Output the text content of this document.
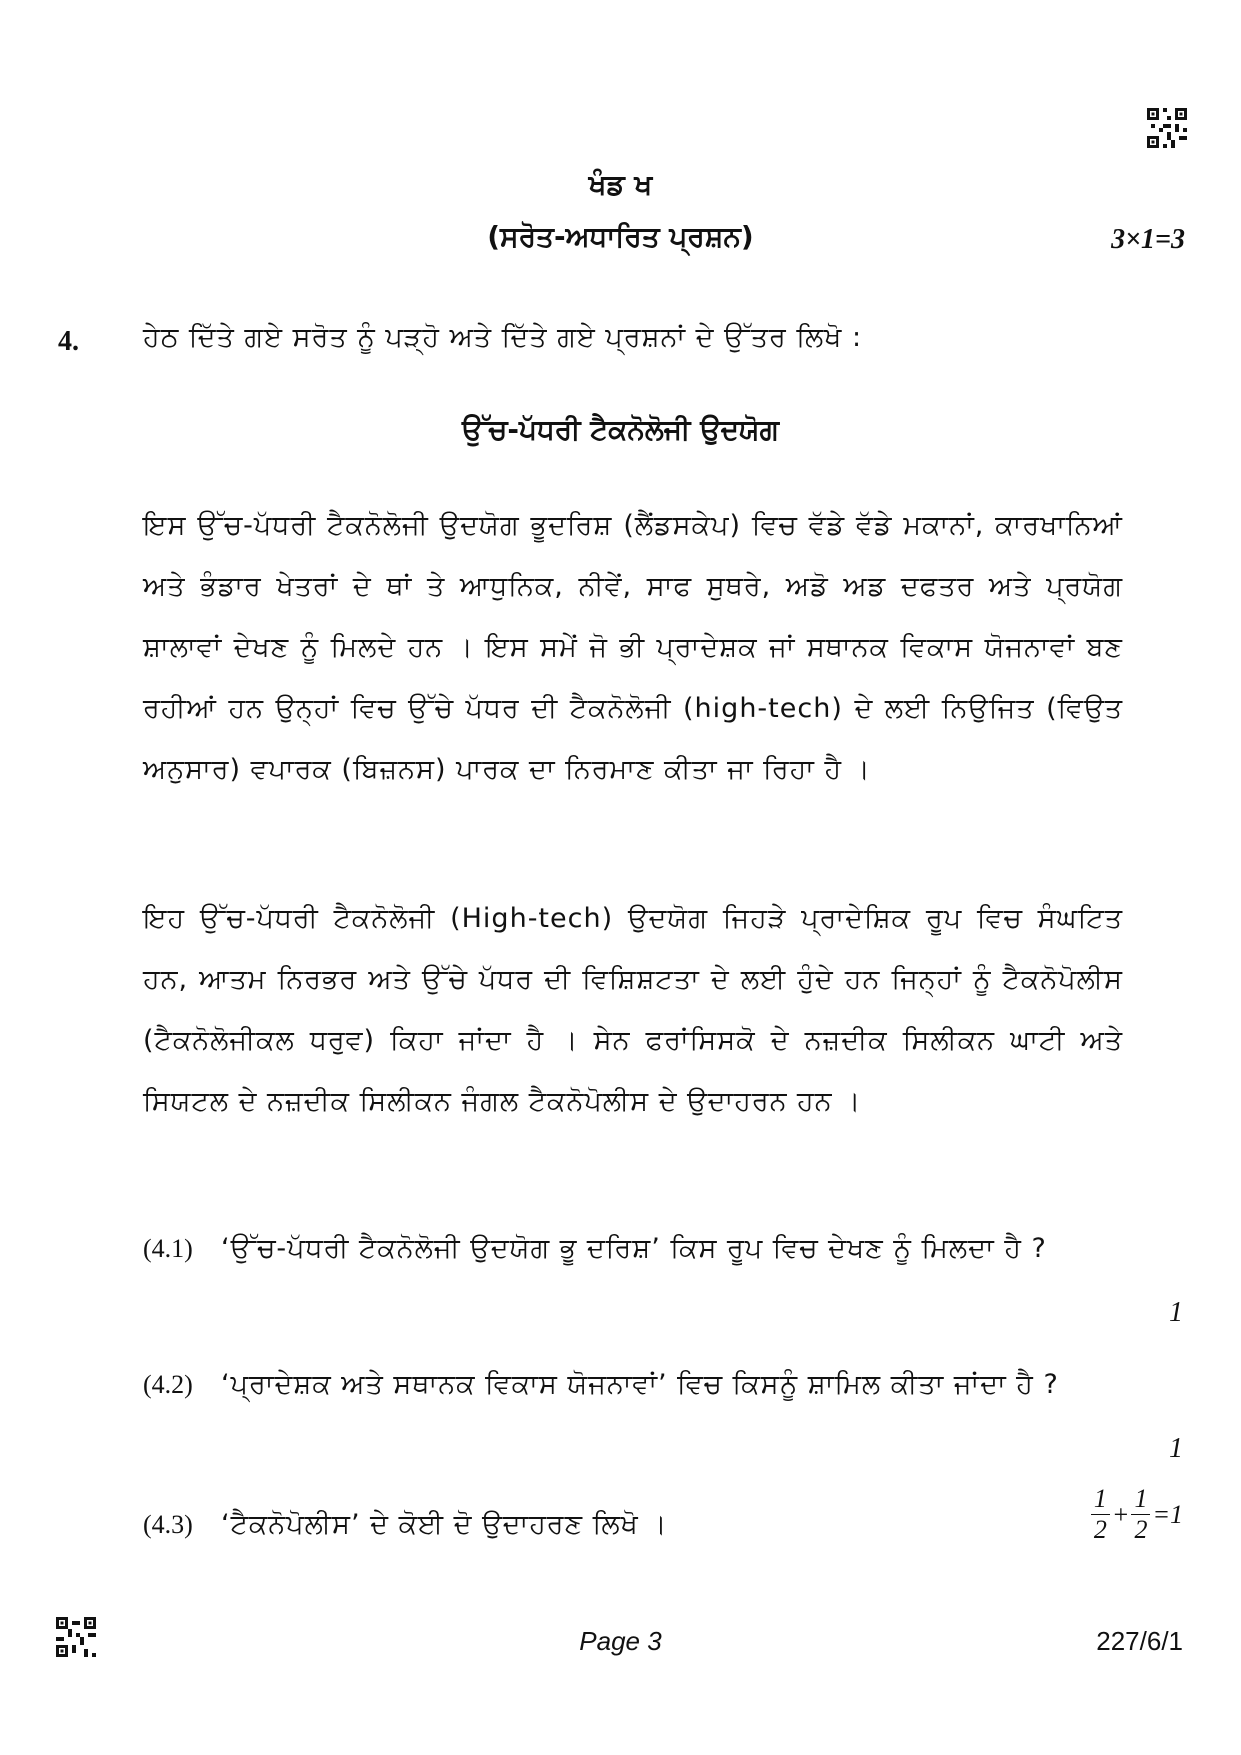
ਖੰਡ ਖ
(ਸਰੋਤ-ਅਧਾਰਿਤ ਪ੍ਰਸ਼ਨ)	3×1=3
4. ਹੇਠ ਦਿੱਤੇ ਗਏ ਸਰੋਤ ਨੂੰ ਪੜ੍ਹੋ ਅਤੇ ਦਿੱਤੇ ਗਏ ਪ੍ਰਸ਼ਨਾਂ ਦੇ ਉੱਤਰ ਲਿਖੋ :
ਉੱਚ-ਪੱਧਰੀ ਟੈਕਨੋਲੋਜੀ ਉਦਯੋਗ
ਇਸ ਉੱਚ-ਪੱਧਰੀ ਟੈਕਨੋਲੋਜੀ ਉਦਯੋਗ ਭੂਦਰਿਸ਼ (ਲੈਂਡਸਕੇਪ) ਵਿਚ ਵੱਡੇ ਵੱਡੇ ਮਕਾਨਾਂ, ਕਾਰਖਾਨਿਆਂ ਅਤੇ ਭੰਡਾਰ ਖੇਤਰਾਂ ਦੇ ਥਾਂ ਤੇ ਆਧੁਨਿਕ, ਨੀਵੇਂ, ਸਾਫ ਸੁਥਰੇ, ਅਡੋ ਅਡ ਦਫਤਰ ਅਤੇ ਪ੍ਰਯੋਗ ਸ਼ਾਲਾਵਾਂ ਦੇਖਣ ਨੂੰ ਮਿਲਦੇ ਹਨ । ਇਸ ਸਮੇਂ ਜੋ ਭੀ ਪ੍ਰਾਦੇਸ਼ਕ ਜਾਂ ਸਥਾਨਕ ਵਿਕਾਸ ਯੋਜਨਾਵਾਂ ਬਣ ਰਹੀਆਂ ਹਨ ਉਨ੍ਹਾਂ ਵਿਚ ਉੱਚੇ ਪੱਧਰ ਦੀ ਟੈਕਨੋਲੋਜੀ (high-tech) ਦੇ ਲਈ ਨਿਉਜਿਤ (ਵਿਉਤ ਅਨੁਸਾਰ) ਵਪਾਰਕ (ਬਿਜ਼ਨਸ) ਪਾਰਕ ਦਾ ਨਿਰਮਾਣ ਕੀਤਾ ਜਾ ਰਿਹਾ ਹੈ ।
ਇਹ ਉੱਚ-ਪੱਧਰੀ ਟੈਕਨੋਲੋਜੀ (High-tech) ਉਦਯੋਗ ਜਿਹੜੇ ਪ੍ਰਾਦੇਸ਼ਿਕ ਰੂਪ ਵਿਚ ਸੰਘਟਿਤ ਹਨ, ਆਤਮ ਨਿਰਭਰ ਅਤੇ ਉੱਚੇ ਪੱਧਰ ਦੀ ਵਿਸ਼ਿਸ਼ਟਤਾ ਦੇ ਲਈ ਹੁੰਦੇ ਹਨ ਜਿਨ੍ਹਾਂ ਨੂੰ ਟੈਕਨੋਪੋਲੀਸ (ਟੈਕਨੋਲੋਜੀਕਲ ਧਰੁਵ) ਕਿਹਾ ਜਾਂਦਾ ਹੈ । ਸੇਨ ਫਰਾਂਸਿਸਕੋ ਦੇ ਨਜ਼ਦੀਕ ਸਿਲੀਕਨ ਘਾਟੀ ਅਤੇ ਸਿਯਟਲ ਦੇ ਨਜ਼ਦੀਕ ਸਿਲੀਕਨ ਜੰਗਲ ਟੈਕਨੋਪੋਲੀਸ ਦੇ ਉਦਾਹਰਨ ਹਨ ।
(4.1) ‘ਉੱਚ-ਪੱਧਰੀ ਟੈਕਨੋਲੋਜੀ ਉਦਯੋਗ ਭੂ ਦਰਿਸ਼’ ਕਿਸ ਰੂਪ ਵਿਚ ਦੇਖਣ ਨੂੰ ਮਿਲਦਾ ਹੈ ?
1
(4.2) ‘ਪ੍ਰਾਦੇਸ਼ਕ ਅਤੇ ਸਥਾਨਕ ਵਿਕਾਸ ਯੋਜਨਾਵਾਂ’ ਵਿਚ ਕਿਸਨੂੰ ਸ਼ਾਮਿਲ ਕੀਤਾ ਜਾਂਦਾ ਹੈ ?
1
(4.3) ‘ਟੈਕਨੋਪੋਲੀਸ’ ਦੇ ਕੋਈ ਦੋ ਉਦਾਹਰਣ ਲਿਖੋ ।	$\frac{1}{2} + \frac{1}{2} =1$
Page 3	227/6/1
